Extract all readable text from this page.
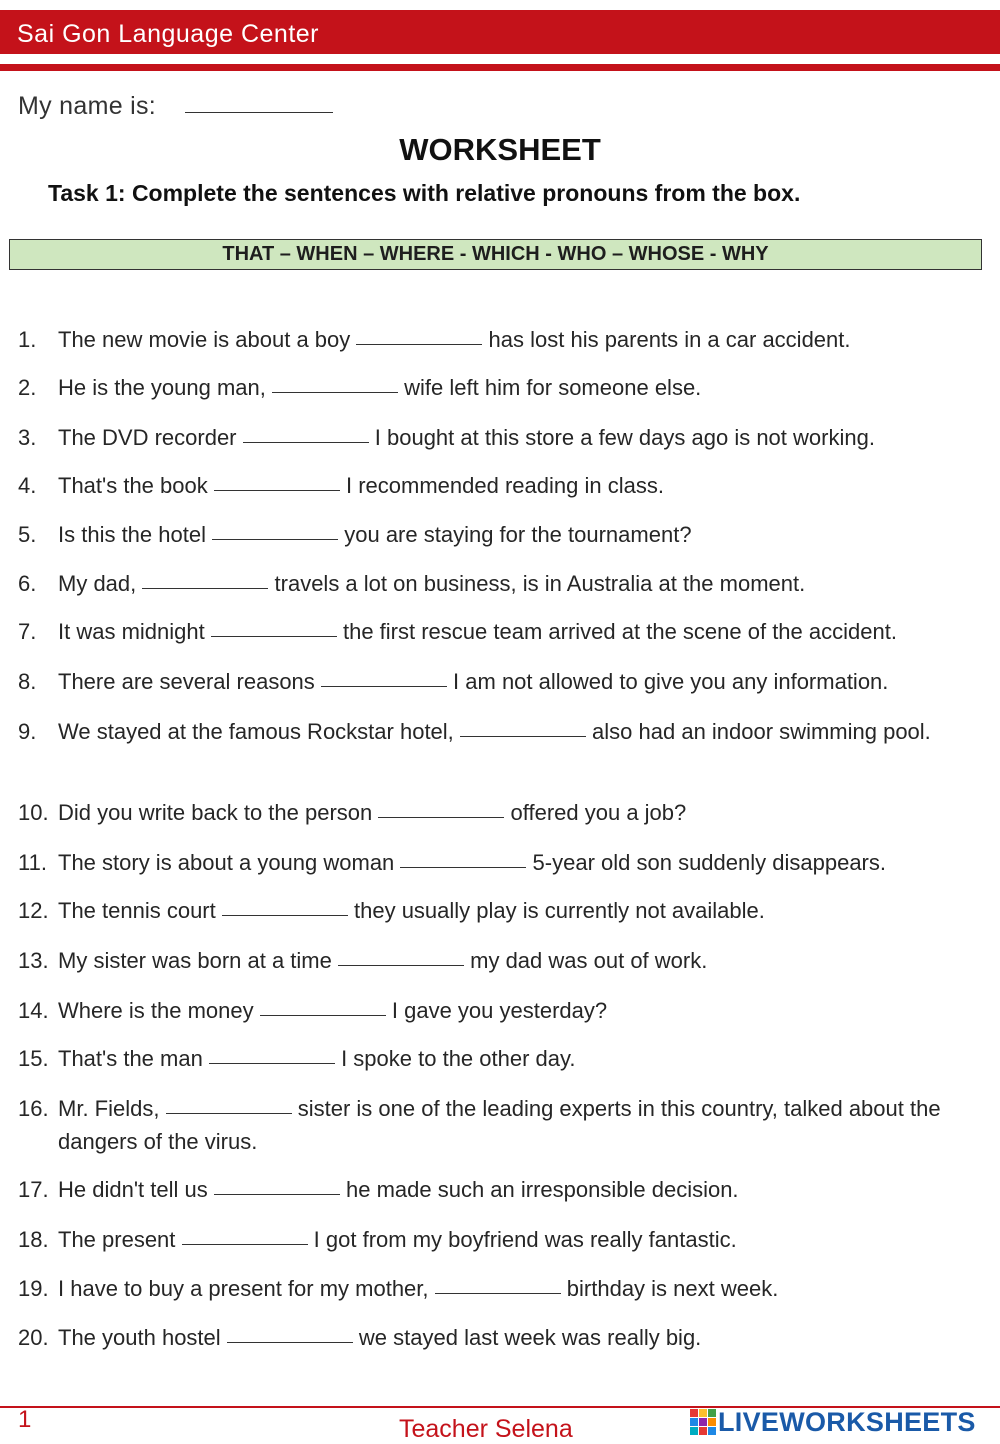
Sai Gon Language Center
My name is:
WORKSHEET
Task 1: Complete the sentences with relative pronouns from the box.
THAT – WHEN – WHERE - WHICH - WHO – WHOSE - WHY
1. The new movie is about a boy	has lost his parents in a car accident.
2. He is the young man,	wife left him for someone else.
3. The DVD recorder	I bought at this store a few days ago is not working.
4. That's the book	I recommended reading in class.
5. Is this the hotel	you are staying for the tournament?
6. My dad,	travels a lot on business, is in Australia at the moment.
7. It was midnight	the first rescue team arrived at the scene of the accident.
8. There are several reasons	I am not allowed to give you any information.
9. We stayed at the famous Rockstar hotel,	also had an indoor swimming pool.
10. Did you write back to the person	offered you a job?
11. The story is about a young woman	5-year old son suddenly disappears.
12. The tennis court	they usually play is currently not available.
13. My sister was born at a time	my dad was out of work.
14. Where is the money	I gave you yesterday?
15. That's the man	I spoke to the other day.
16. Mr. Fields,	sister is one of the leading experts in this country, talked about the dangers of the virus.
17. He didn't tell us	he made such an irresponsible decision.
18. The present	I got from my boyfriend was really fantastic.
19. I have to buy a present for my mother,	birthday is next week.
20. The youth hostel	we stayed last week was really big.
1	Teacher Selena	LIVEWORKSHEETS
